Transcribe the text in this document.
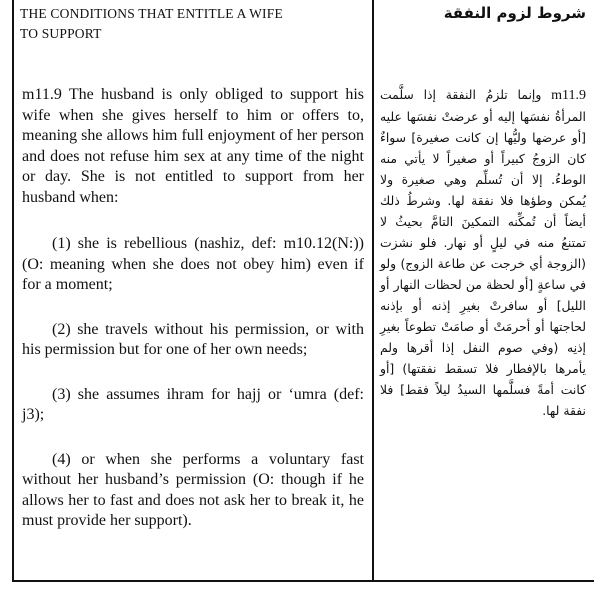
THE CONDITIONS THAT ENTITLE A WIFE
TO SUPPORT

m11.9 The husband is only obliged to support his wife when she gives herself to him or offers to, meaning she allows him full enjoyment of her person and does not refuse him sex at any time of the night or day. She is not entitled to support from her husband when:

(1) she is rebellious (nashiz, def: m10.12(N:)) (O: meaning when she does not obey him) even if for a moment;

(2) she travels without his permission, or with his permission but for one of her own needs;

(3) she assumes ihram for hajj or ‘umra (def: j3);

(4) or when she performs a voluntary fast without her husband’s permission (O: though if he allows her to fast and does not ask her to break it, he must provide her support).

شروط لزوم النفقة
m11.9 وإنما تلزمُ النفقة إذا سلَّمت المرأةُ نفسَها إليه أو عرضتْ نفسَها عليه [أو عرضها وليُّها إن كانت صغيرة] سواءٌ كان الزوجُ كبيراً أو صغيراً لا يأتي منه الوطءُ. إلا أن تُسلِّم وهي صغيرة ولا يُمكن وطؤها فلا نفقة لها. وشرطُ ذلك أيضاً أن تُمكِّنه التمكينَ التامَّ بحيثُ لا تمتنعُ منه في ليلٍ أو نهار. فلو نشزت (الزوجة أي خرجت عن طاعة الزوج) ولو في ساعةٍ [أو لحظة من لحظات النهار أو الليل] أو سافرتْ بغيرِ إذنه أو بإذنه لحاجتها أو أحرمَتْ أو صامَتْ تطوعاً بغيرِ إذنِه (وفي صوم النفل إذا أقرها ولم يأمرها بالإفطار فلا تسقط نفقتها) [أو كانت أمةً فسلَّمها السيدُ ليلاً فقط] فلا نفقة لها.
